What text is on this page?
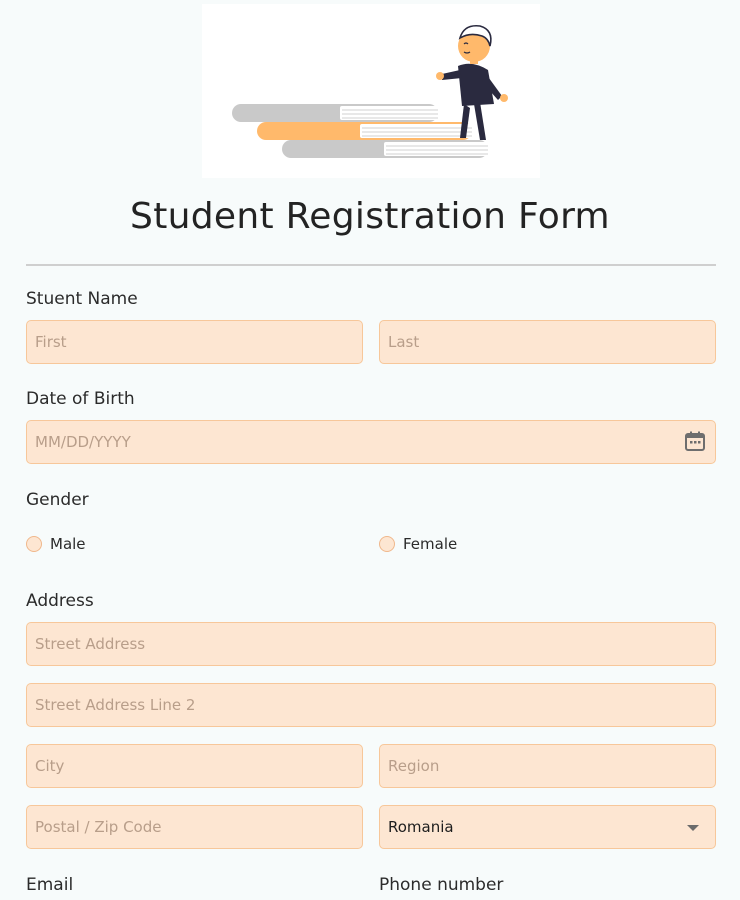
Student Registration Form
Stuent Name
First
Last
Date of Birth
MM/DD/YYYY
Gender
Male	Female
Address
Street Address
Street Address Line 2
City
Region
Postal / Zip Code
Romania
Email	Phone number
